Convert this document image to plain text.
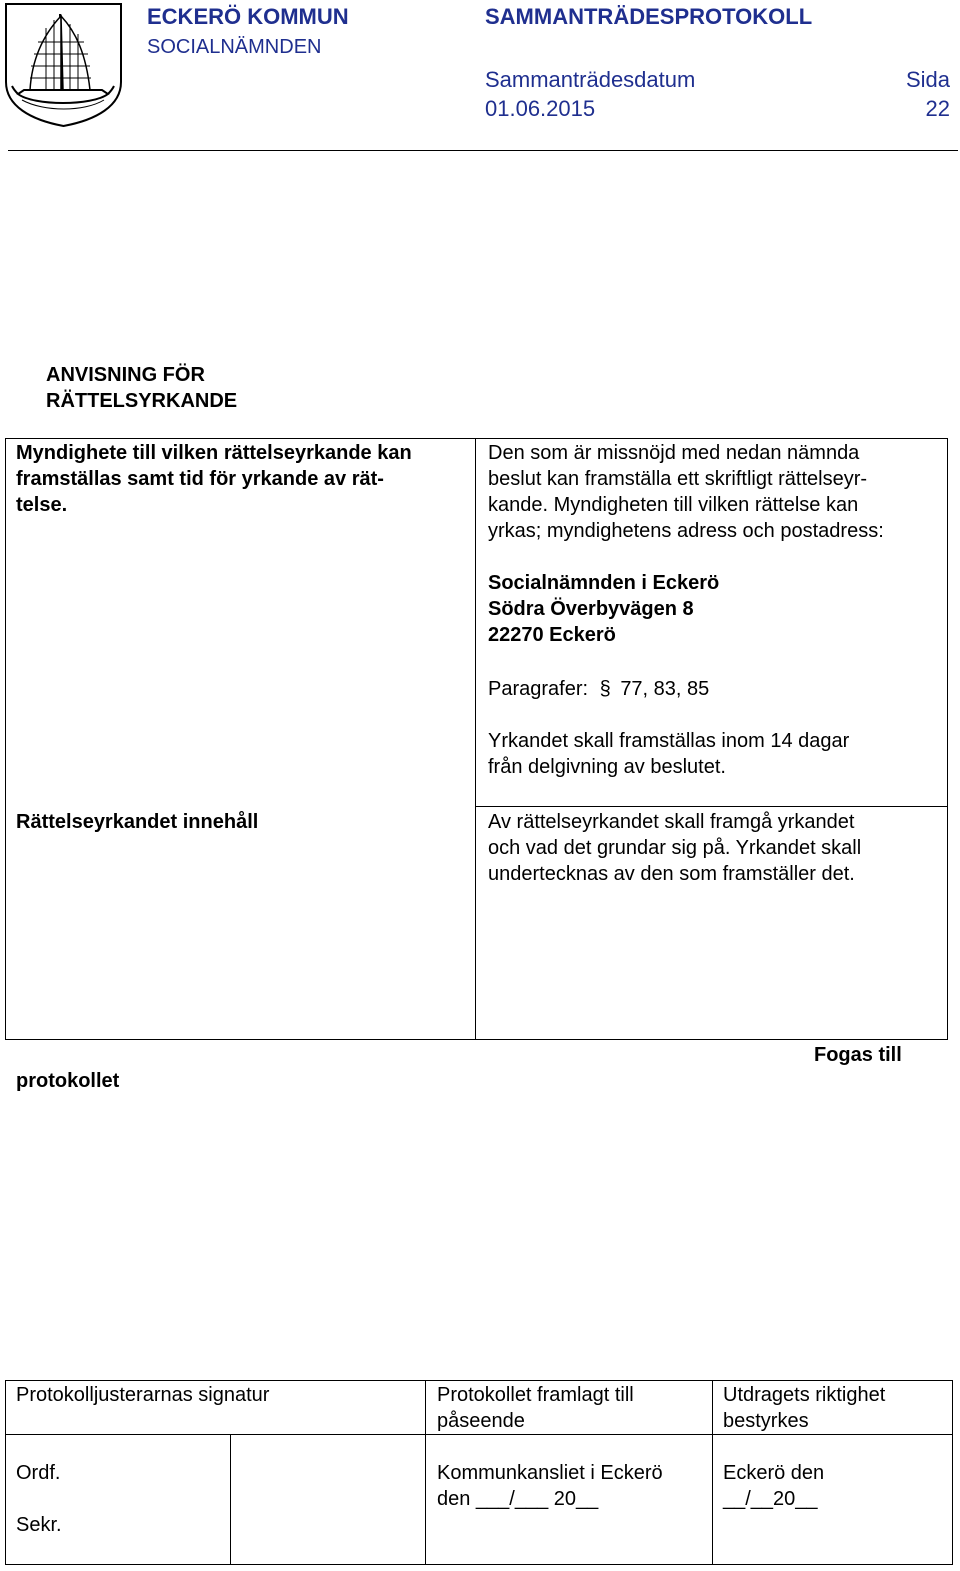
ECKERÖ KOMMUN
SOCIALNÄMNDEN
SAMMANTRÄDESPROTOKOLL
Sammanträdesdatum
01.06.2015
Sida
22
ANVISNING FÖR
RÄTTELSYRKANDE
Myndighete till vilken rättelseyrkande kan
framställas samt tid för yrkande av rät-
telse.
Den som är missnöjd med nedan nämnda
beslut kan framställa ett skriftligt rättelseyr-
kande. Myndigheten till vilken rättelse kan
yrkas; myndighetens adress och postadress:
Socialnämnden i Eckerö
Södra Överbyvägen 8
22270 Eckerö
Paragrafer: § 77, 83, 85
Yrkandet skall framställas inom 14 dagar
från delgivning av beslutet.
Rättelseyrkandet innehåll	Av rättelseyrkandet skall framgå yrkandet
och vad det grundar sig på. Yrkandet skall
undertecknas av den som framställer det.
Fogas till
protokollet
Protokolljusterarnas signatur	Protokollet framlagt till
påseende
Utdragets riktighet
bestyrkes
Ordf.
Sekr.
Kommunkansliet i Eckerö
den ___/___ 20__
Eckerö den
__/__20__
